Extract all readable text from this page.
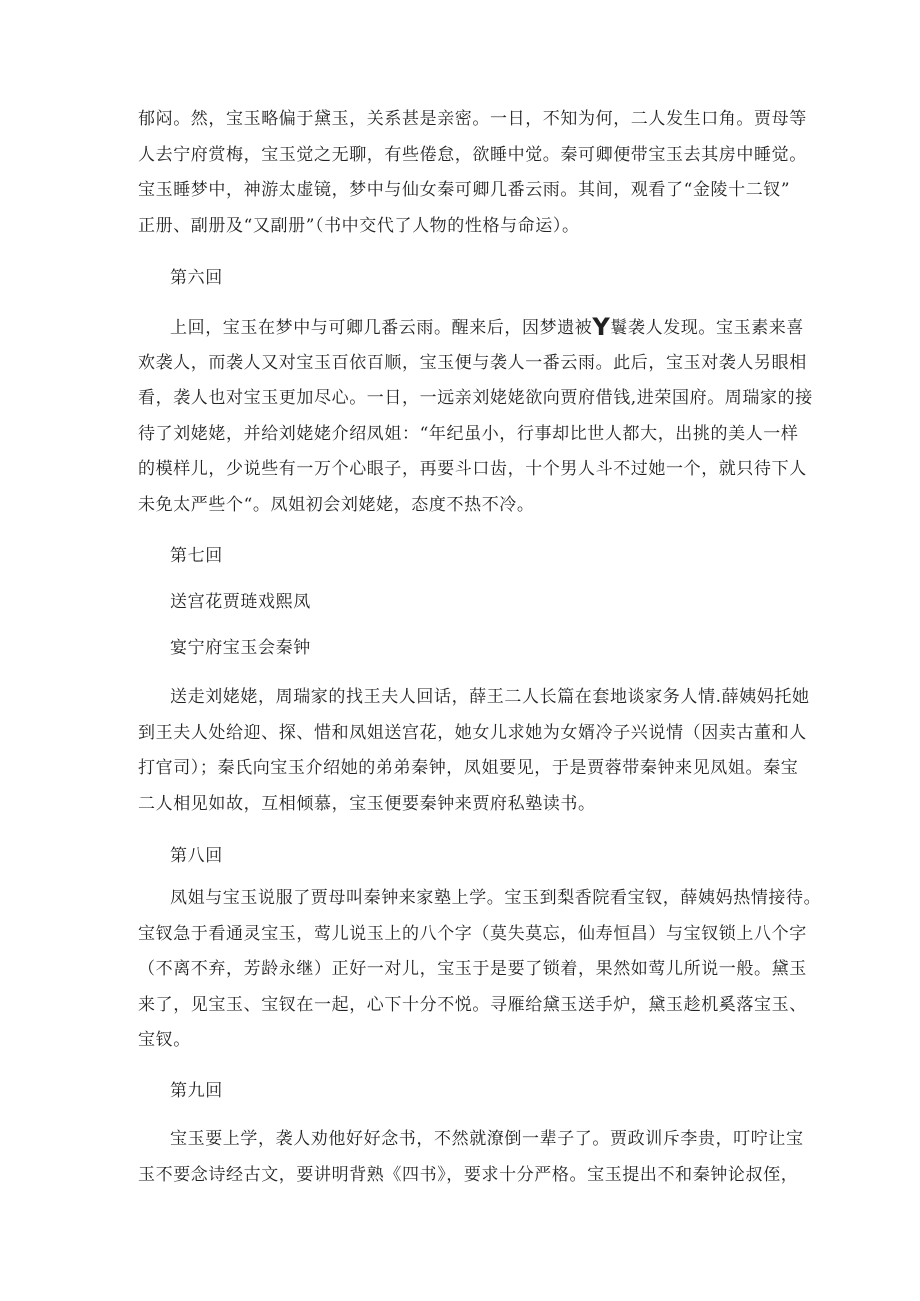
郁闷。然，宝玉略偏于黛玉，关系甚是亲密。一日，不知为何，二人发生口角。贾母等
人去宁府赏梅，宝玉觉之无聊，有些倦怠，欲睡中觉。秦可卿便带宝玉去其房中睡觉。
宝玉睡梦中，神游太虚镜，梦中与仙女秦可卿几番云雨。其间，观看了“金陵十二钗”
正册、副册及“又副册”（书中交代了人物的性格与命运）。

第六回

上回，宝玉在梦中与可卿几番云雨。醒来后，因梦遗被Y鬟袭人发现。宝玉素来喜
欢袭人，而袭人又对宝玉百依百顺，宝玉便与袭人一番云雨。此后，宝玉对袭人另眼相
看，袭人也对宝玉更加尽心。一日，一远亲刘姥姥欲向贾府借钱,进荣国府。周瑞家的接
待了刘姥姥，并给刘姥姥介绍凤姐：“年纪虽小，行事却比世人都大，出挑的美人一样
的模样儿，少说些有一万个心眼子，再要斗口齿，十个男人斗不过她一个，就只待下人
未免太严些个“。凤姐初会刘姥姥，态度不热不冷。

第七回

送宫花贾琏戏熙凤

宴宁府宝玉会秦钟

送走刘姥姥，周瑞家的找王夫人回话，薛王二人长篇在套地谈家务人情.薛姨妈托她
到王夫人处给迎、探、惜和凤姐送宫花，她女儿求她为女婿冷子兴说情（因卖古董和人
打官司）；秦氏向宝玉介绍她的弟弟秦钟，凤姐要见，于是贾蓉带秦钟来见凤姐。秦宝
二人相见如故，互相倾慕，宝玉便要秦钟来贾府私塾读书。

第八回

凤姐与宝玉说服了贾母叫秦钟来家塾上学。宝玉到梨香院看宝钗，薛姨妈热情接待。
宝钗急于看通灵宝玉，莺儿说玉上的八个字（莫失莫忘，仙寿恒昌）与宝钗锁上八个字
（不离不弃，芳龄永继）正好一对儿，宝玉于是要了锁着，果然如莺儿所说一般。黛玉
来了，见宝玉、宝钗在一起，心下十分不悦。寻雁给黛玉送手炉，黛玉趁机奚落宝玉、
宝钗。

第九回

宝玉要上学，袭人劝他好好念书，不然就潦倒一辈子了。贾政训斥李贵，叮咛让宝
玉不要念诗经古文，要讲明背熟《四书》，要求十分严格。宝玉提出不和秦钟论叔侄，
